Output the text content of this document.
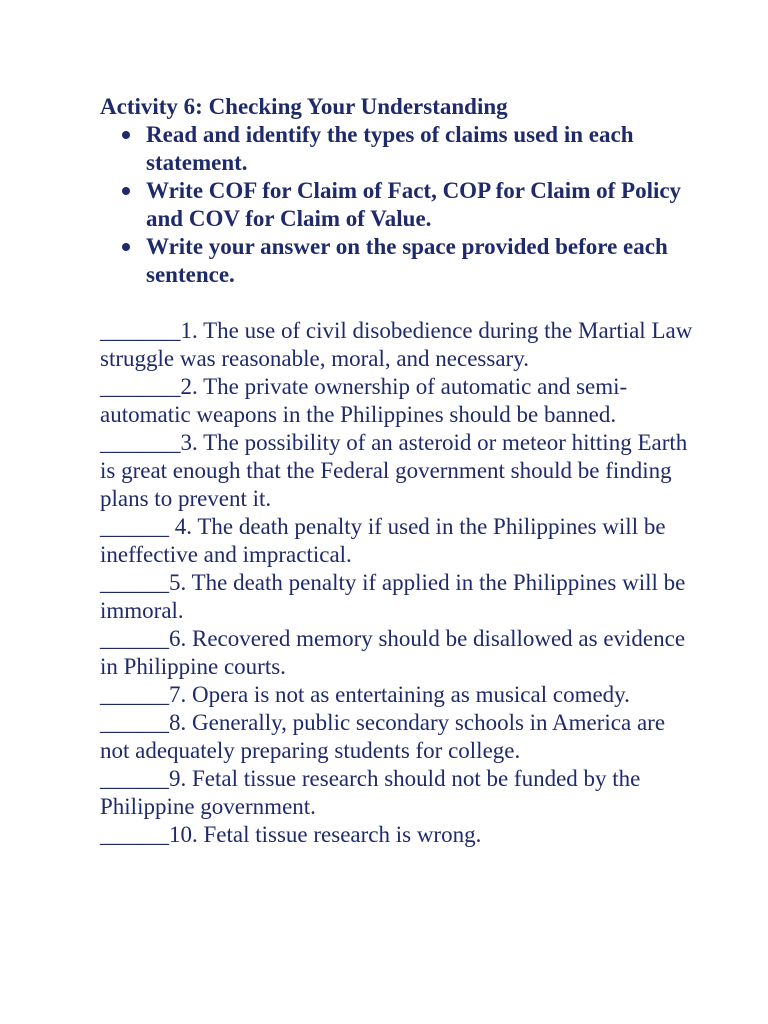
Activity 6: Checking Your Understanding
Read and identify the types of claims used in each statement.
Write COF for Claim of Fact, COP for Claim of Policy and COV for Claim of Value.
Write your answer on the space provided before each sentence.

_______1. The use of civil disobedience during the Martial Law struggle was reasonable, moral, and necessary.

_______2. The private ownership of automatic and semi-automatic weapons in the Philippines should be banned.

_______3. The possibility of an asteroid or meteor hitting Earth is great enough that the Federal government should be finding plans to prevent it.

______ 4. The death penalty if used in the Philippines will be ineffective and impractical.

______5. The death penalty if applied in the Philippines will be immoral.

______6. Recovered memory should be disallowed as evidence in Philippine courts.

______7. Opera is not as entertaining as musical comedy.

______8. Generally, public secondary schools in America are not adequately preparing students for college.

______9. Fetal tissue research should not be funded by the Philippine government.

______10. Fetal tissue research is wrong.
